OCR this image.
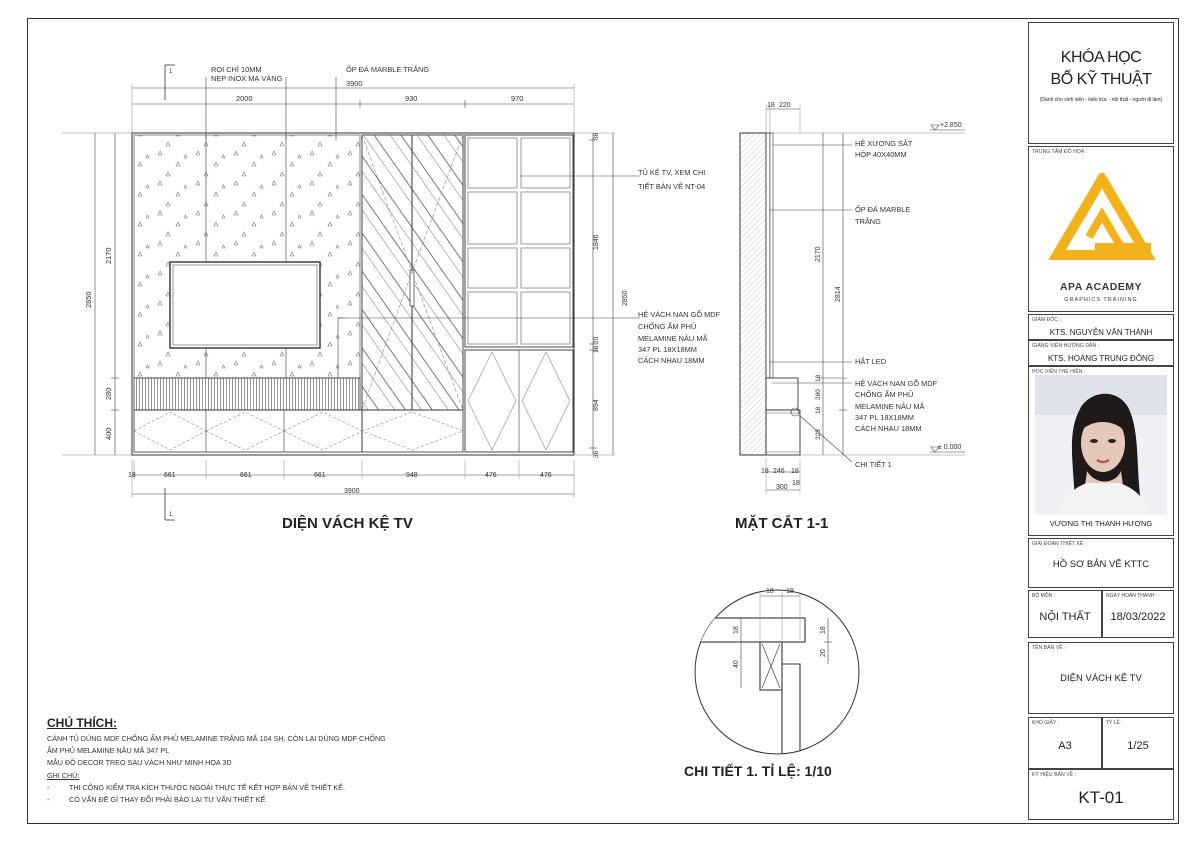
RỌI CHỈ 10MM
NẸP INOX MẠ VÀNG
ỐP ĐÁ MARBLE TRẮNG
3900
2000	930	970
1
1
2850
2170
280
400
18	661	661	661	948	476	476
3900
36
1846
18
20
894
36
2850
TỦ KỆ TV, XEM CHI
TIẾT BẢN VẼ NT-04
HỆ VÁCH NAN GỖ MDF
CHỐNG ẨM PHỦ
MELAMINE NÂU MÃ
347 PL 18X18MM
CÁCH NHAU 18MM
DIỆN VÁCH KỆ TV
18 220
HỆ XƯƠNG SẮT
HỘP 40X40MM
ỐP ĐÁ MARBLE
TRẮNG
HẮT LED
HỆ VÁCH NAN GỖ MDF
CHỐNG ẨM PHỦ
MELAMINE NÂU MÃ
347 PL 18X18MM
CÁCH NHAU 18MM
CHI TIẾT 1
+2.850
± 0.000
2170
2814
18
280
18
328
18 246 18
18
300
MẶT CẮT 1-1
18 18
18
40
18
20
CHI TIẾT 1. TỈ LỆ: 1/10
CHÚ THÍCH:
CÁNH TỦ DÙNG MDF CHỐNG ẨM PHỦ MELAMINE TRẮNG MÃ 104 SH, CÒN LẠI DÙNG MDF CHỐNG
ẨM PHỦ MELAMINE NÂU MÃ 347 PL
MẪU ĐỒ DECOR TREO SAU VÁCH NHƯ MINH HỌA 3D
GHI CHÚ:
-	THI CÔNG KIỂM TRA KÍCH THƯỚC NGOÀI THỰC TẾ KẾT HỢP BẢN VẼ THIẾT KẾ.
-	CÓ VẤN ĐỀ GÌ THAY ĐỔI PHẢI BÁO LẠI TƯ VẤN THIẾT KẾ
KHÓA HỌC
BỔ KỸ THUẬT
(Dành cho sinh viên - kiến trúc - nội thất - người đi làm)
TRUNG TÂM ĐỒ HỌA :
APA ACADEMY
GRAPHICS TRAINING
GIÁM ĐỐC :
KTS. NGUYỄN VĂN THÀNH
GIẢNG VIÊN HƯỚNG DẪN :
KTS. HOÀNG TRUNG ĐÔNG
HỌC VIÊN THỂ HIỆN :
VƯƠNG THỊ THANH HƯƠNG
GIAI ĐOẠN THIẾT KẾ :
HỒ SƠ BẢN VẼ KTTC
BỘ MÔN :
NỘI THẤT
NGÀY HOÀN THÀNH :
18/03/2022
TÊN BẢN VẼ :
DIỆN VÁCH KỆ TV
KHỔ GIẤY :
A3
TỶ LỆ :
1/25
KÝ HIỆU BẢN VẼ :
KT-01
